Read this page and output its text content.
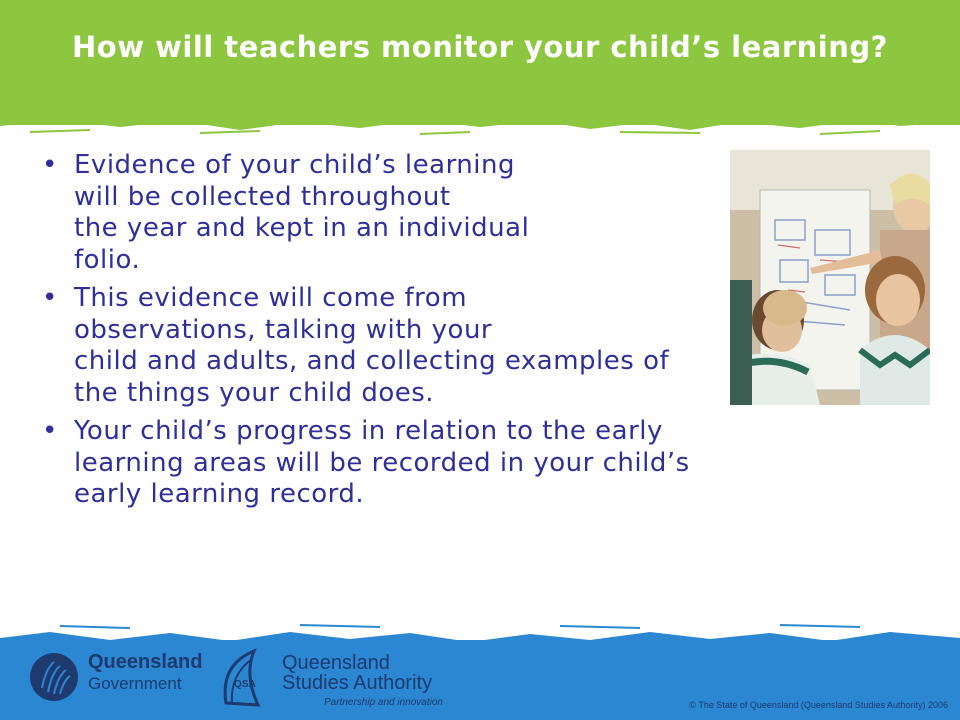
How will teachers monitor your child’s learning?
• Evidence of your child’s learning
will be collected throughout
the year and kept in an individual
folio.
• This evidence will come from
observations, talking with your
child and adults, and collecting examples of
the things your child does.
• Your child’s progress in relation to the early
learning areas will be recorded in your child’s
early learning record.
Queensland
Government	QSA
Queensland
Studies Authority
Partnership and innovation	© The State of Queensland (Queensland Studies Authority) 2006
